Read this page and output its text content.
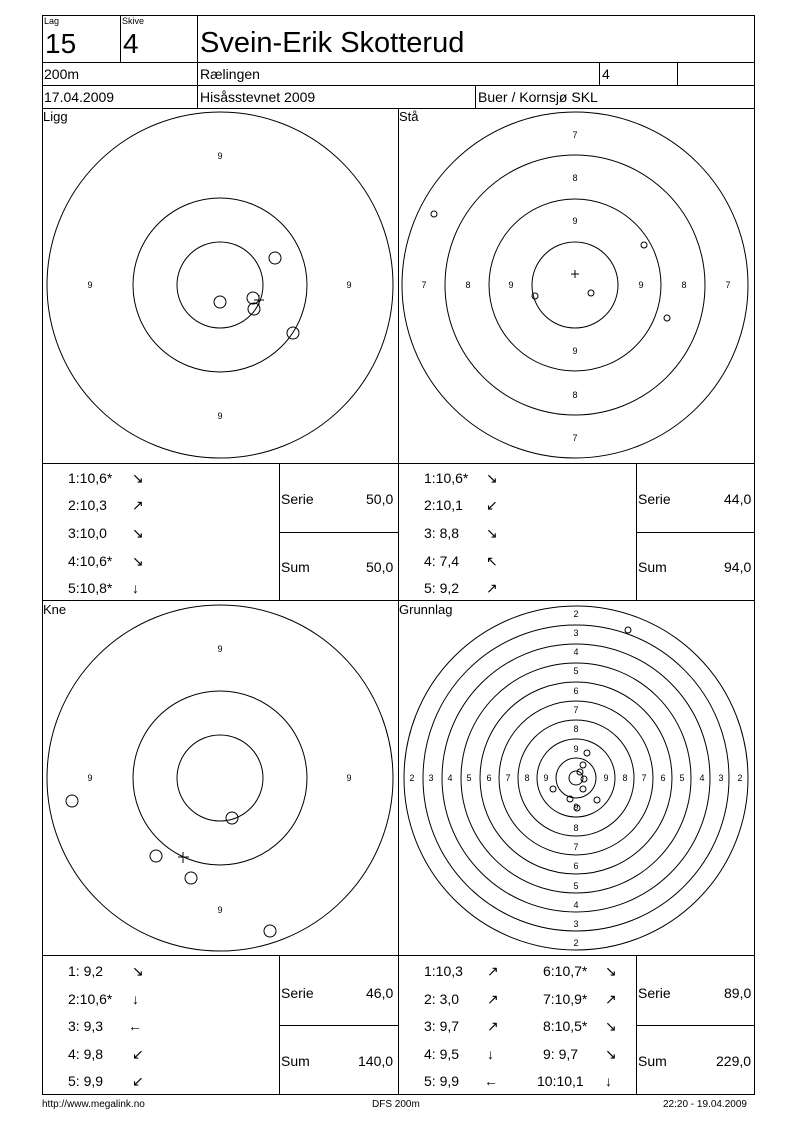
Lag
15
Skive
4 Svein-Erik Skotterud
200m	Rælingen	4
17.04.2009	Hisåsstevnet 2009	Buer / Kornsjø SKL
Ligg	Stå
Kne	Grunnlag
9
9
9	9
7
8
9
9
8
7
7	8	9	9	8	7
9
9
9	9
2
3
4
5
6
7
8
9
9
8
7
6
5
4
3
2
2 3 4 5 6 7 8 9	9 8 7 6 5 4 3 2
1:10,6* ↘
2:10,3 ↗
3:10,0 ↘
4:10,6* ↘
5:10,8* ↓
Serie	50,0
Sum	50,0
1:10,6* ↘
2:10,1 ↙
3: 8,8 ↘
4: 7,4 ↖
5: 9,2 ↗
Serie	44,0
Sum	94,0
1: 9,2 ↘
2:10,6* ↓
3: 9,3 ←
4: 9,8 ↙
5: 9,9 ↙
Serie	46,0
Sum	140,0
1:10,3 ↗
2: 3,0 ↗
3: 9,7 ↗
4: 9,5 ↓
5: 9,9 ←
6:10,7* ↘
7:10,9* ↗
8:10,5* ↘
9: 9,7 ↘
10:10,1 ↓
Serie	89,0
Sum	229,0
http://www.megalink.no	DFS 200m	22:20 - 19.04.2009
